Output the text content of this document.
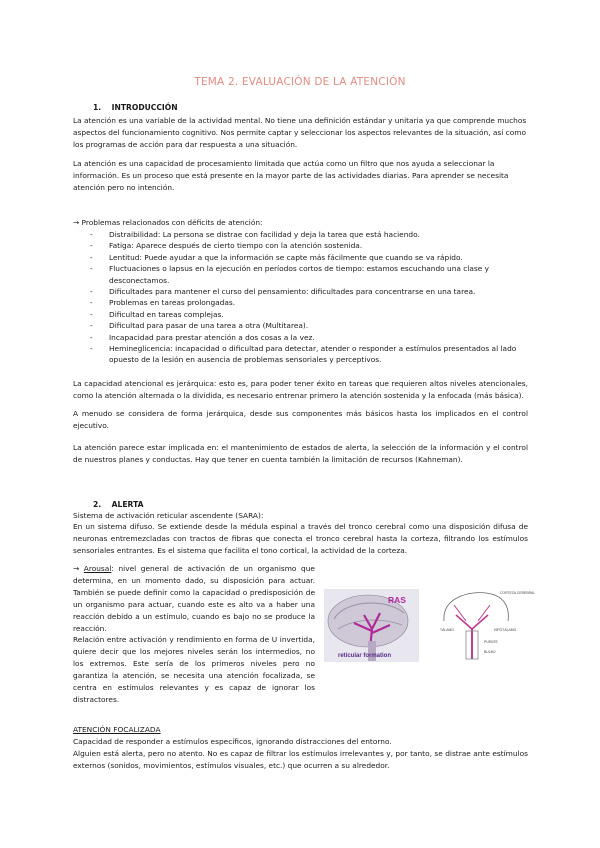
TEMA 2. EVALUACIÓN DE LA ATENCIÓN
1. INTRODUCCIÓN

La atención es una variable de la actividad mental. No tiene una definición estándar y unitaria ya que comprende muchos aspectos del funcionamiento cognitivo. Nos permite captar y seleccionar los aspectos relevantes de la situación, así como los programas de acción para dar respuesta a una situación.

La atención es una capacidad de procesamiento limitada que actúa como un filtro que nos ayuda a seleccionar la información. Es un proceso que está presente en la mayor parte de las actividades diarias. Para aprender se necesita atención pero no intención.

→ Problemas relacionados con déficits de atención:

- Distraibilidad: La persona se distrae con facilidad y deja la tarea que está haciendo.
- Fatiga: Aparece después de cierto tiempo con la atención sostenida.
- Lentitud: Puede ayudar a que la información se capte más fácilmente que cuando se va rápido.
- Fluctuaciones o lapsus en la ejecución en períodos cortos de tiempo: estamos escuchando una clase y desconectamos.
- Dificultades para mantener el curso del pensamiento: dificultades para concentrarse en una tarea.
- Problemas en tareas prolongadas.
- Dificultad en tareas complejas.
- Dificultad para pasar de una tarea a otra (Multitarea).
- Incapacidad para prestar atención a dos cosas a la vez.
- Hemineglicencia: incapacidad o dificultad para detectar, atender o responder a estímulos presentados al lado opuesto de la lesión en ausencia de problemas sensoriales y perceptivos.

La capacidad atencional es jerárquica: esto es, para poder tener éxito en tareas que requieren altos niveles atencionales, como la atención alternada o la dividida, es necesario entrenar primero la atención sostenida y la enfocada (más básica).

A menudo se considera de forma jerárquica, desde sus componentes más básicos hasta los implicados en el control ejecutivo.

La atención parece estar implicada en: el mantenimiento de estados de alerta, la selección de la información y el control de nuestros planes y conductas. Hay que tener en cuenta también la limitación de recursos (Kahneman).

2. ALERTA

Sistema de activación reticular ascendente (SARA):

En un sistema difuso. Se extiende desde la médula espinal a través del tronco cerebral como una disposición difusa de neuronas entremezcladas con tractos de fibras que conecta el tronco cerebral hasta la corteza, filtrando los estímulos sensoriales entrantes. Es el sistema que facilita el tono cortical, la actividad de la corteza.

→ Arousal: nivel general de activación de un organismo que determina, en un momento dado, su disposición para actuar. También se puede definir como la capacidad o predisposición de un organismo para actuar, cuando este es alto va a haber una reacción debido a un estímulo, cuando es bajo no se produce la reacción.
Relación entre activación y rendimiento en forma de U invertida, quiere decir que los mejores niveles serán los intermedios, no los extremos. Este sería de los primeros niveles pero no garantiza la atención, se necesita una atención focalizada, se centra en estímulos relevantes y es capaz de ignorar los distractores.
RAS
reticular formation
CORTEZA CEREBRAL
TÁLAMO	HIPOTÁLAMO
PUENTE
BULBO

ATENCIÓN FOCALIZADA

Capacidad de responder a estímulos específicos, ignorando distracciones del entorno.

Alguien está alerta, pero no atento. No es capaz de filtrar los estímulos irrelevantes y, por tanto, se distrae ante estímulos externos (sonidos, movimientos, estímulos visuales, etc.) que ocurren a su alrededor.
